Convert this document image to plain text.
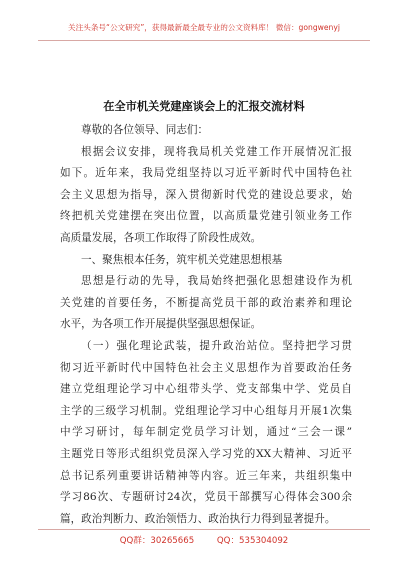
关注头条号“公文研究”，获得最新最全最专业的公文资料库！ 微信：gongwenyj
在全市机关党建座谈会上的汇报交流材料
尊敬的各位领导、同志们：
根据会议安排，现将我局机关党建工作开展情况汇报
如下。近年来，我局党组坚持以习近平新时代中国特色社
会主义思想为指导，深入贯彻新时代党的建设总要求，始
终把机关党建摆在突出位置，以高质量党建引领业务工作
高质量发展，各项工作取得了阶段性成效。
一、聚焦根本任务，筑牢机关党建思想根基
思想是行动的先导，我局始终把强化思想建设作为机
关党建的首要任务，不断提高党员干部的政治素养和理论
水平，为各项工作开展提供坚强思想保证。
（一）强化理论武装，提升政治站位。坚持把学习贯
彻习近平新时代中国特色社会主义思想作为首要政治任务
建立党组理论学习中心组带头学、党支部集中学、党员自
主学的三级学习机制。党组理论学习中心组每月开展1次集
中学习研讨，每年制定党员学习计划，通过“三会一课”
主题党日等形式组织党员深入学习党的XX大精神、习近平
总书记系列重要讲话精神等内容。近三年来，共组织集中
学习86次、专题研讨24次，党员干部撰写心得体会300余
篇，政治判断力、政治领悟力、政治执行力得到显著提升。
QQ群：30265665	QQ：535304092
